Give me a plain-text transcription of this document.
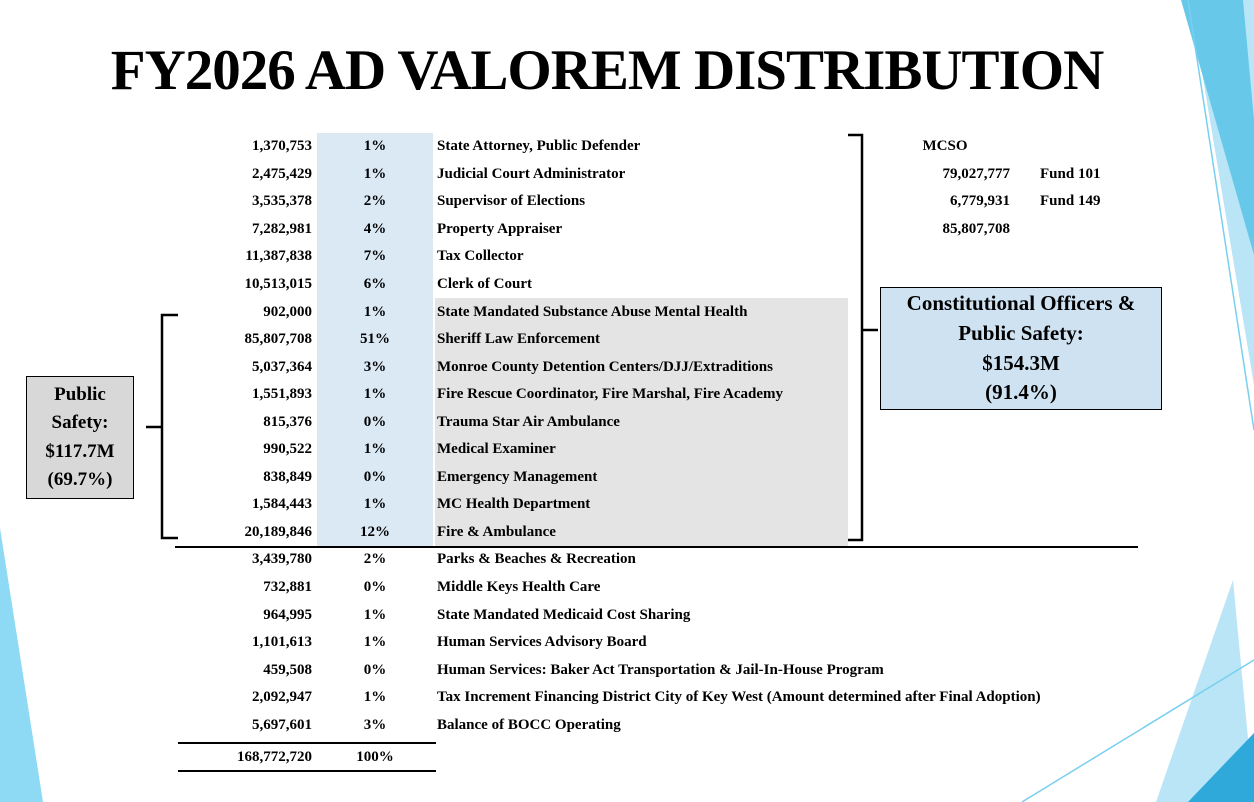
FY2026 AD VALOREM DISTRIBUTION
1,370,753	1%	State Attorney, Public Defender
2,475,429	1%	Judicial Court Administrator
3,535,378	2%	Supervisor of Elections
7,282,981	4%	Property Appraiser
11,387,838	7%	Tax Collector
10,513,015	6%	Clerk of Court
902,000	1%	State Mandated Substance Abuse Mental Health
85,807,708	51%	Sheriff Law Enforcement
5,037,364	3%	Monroe County Detention Centers/DJJ/Extraditions
1,551,893	1%	Fire Rescue Coordinator, Fire Marshal, Fire Academy
815,376	0%	Trauma Star Air Ambulance
990,522	1%	Medical Examiner
838,849	0%	Emergency Management
1,584,443	1%	MC Health Department
20,189,846	12%	Fire & Ambulance
3,439,780	2%	Parks & Beaches & Recreation
732,881	0%	Middle Keys Health Care
964,995	1%	State Mandated Medicaid Cost Sharing
1,101,613	1%	Human Services Advisory Board
459,508	0%	Human Services: Baker Act Transportation & Jail-In-House Program
2,092,947	1%	Tax Increment Financing District City of Key West (Amount determined after Final Adoption)
5,697,601	3%	Balance of BOCC Operating
168,772,720	100%
MCSO
79,027,777 Fund 101
6,779,931 Fund 149
85,807,708
Public Safety:
$117.7M
(69.7%)
Constitutional Officers & Public Safety:
$154.3M
(91.4%)
